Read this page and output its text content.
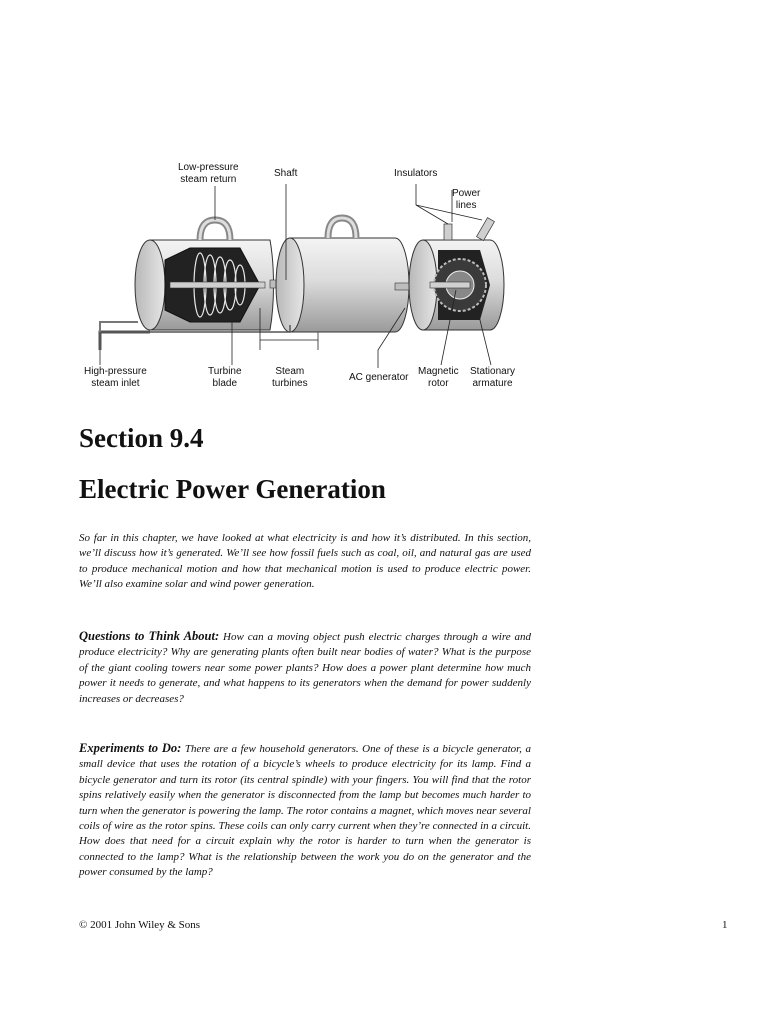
Low-pressure
steam return
Shaft	Insulators
Power
lines
High-pressure
steam inlet
Turbine
blade
Steam
turbines
AC generator
Magnetic
rotor
Stationary
armature
Section 9.4
Electric Power Generation

So far in this chapter, we have looked at what electricity is and how it’s distributed. In this section, we’ll discuss how it’s generated. We’ll see how fossil fuels such as coal, oil, and natural gas are used to produce mechanical motion and how that mechanical motion is used to produce electric power. We’ll also examine solar and wind power generation.

Questions to Think About: How can a moving object push electric charges through a wire and produce electricity? Why are generating plants often built near bodies of water? What is the purpose of the giant cooling towers near some power plants? How does a power plant determine how much power it needs to generate, and what happens to its generators when the demand for power suddenly increases or decreases?

Experiments to Do: There are a few household generators. One of these is a bicycle generator, a small device that uses the rotation of a bicycle’s wheels to produce electricity for its lamp. Find a bicycle generator and turn its rotor (its central spindle) with your fingers. You will find that the rotor spins relatively easily when the generator is disconnected from the lamp but becomes much harder to turn when the generator is powering the lamp. The rotor contains a magnet, which moves near several coils of wire as the rotor spins. These coils can only carry current when they’re connected in a circuit. How does that need for a circuit explain why the rotor is harder to turn when the generator is connected to the lamp? What is the relationship between the work you do on the generator and the power consumed by the lamp?

© 2001 John Wiley & Sons	1
